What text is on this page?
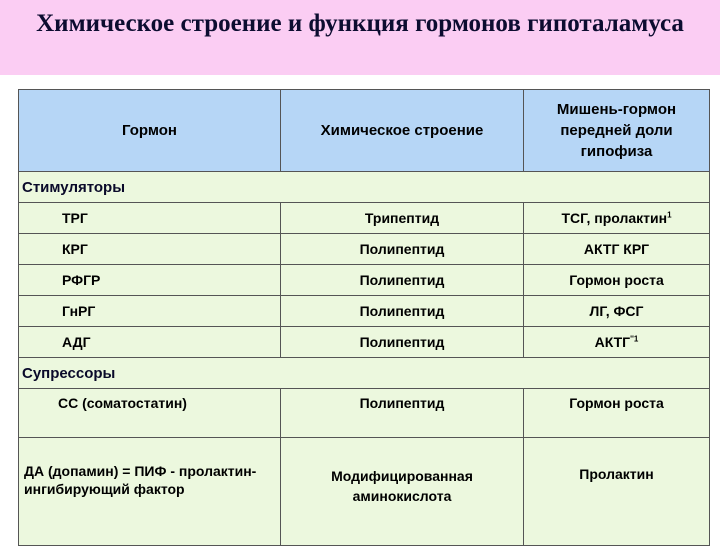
Химическое строение и функция гормонов гипоталамуса
Гормон	Химическое строение	Мишень-гормон передней доли гипофиза
Стимуляторы		
ТРГ	Трипептид	ТСГ, пролактин$^1$
КРГ	Полипептид	АКТГ КРГ
РФГР	Полипептид	Гормон роста
ГнРГ	Полипептид	ЛГ, ФСГ
АДГ	Полипептид	$АКТГ^{''1}$
Супрессоры		
СС (соматостатин)	Полипептид	Гормон роста
ДА (допамин) = ПИФ - пролактин-ингибирующий фактор	Модифицированная аминокислота	Пролактин
